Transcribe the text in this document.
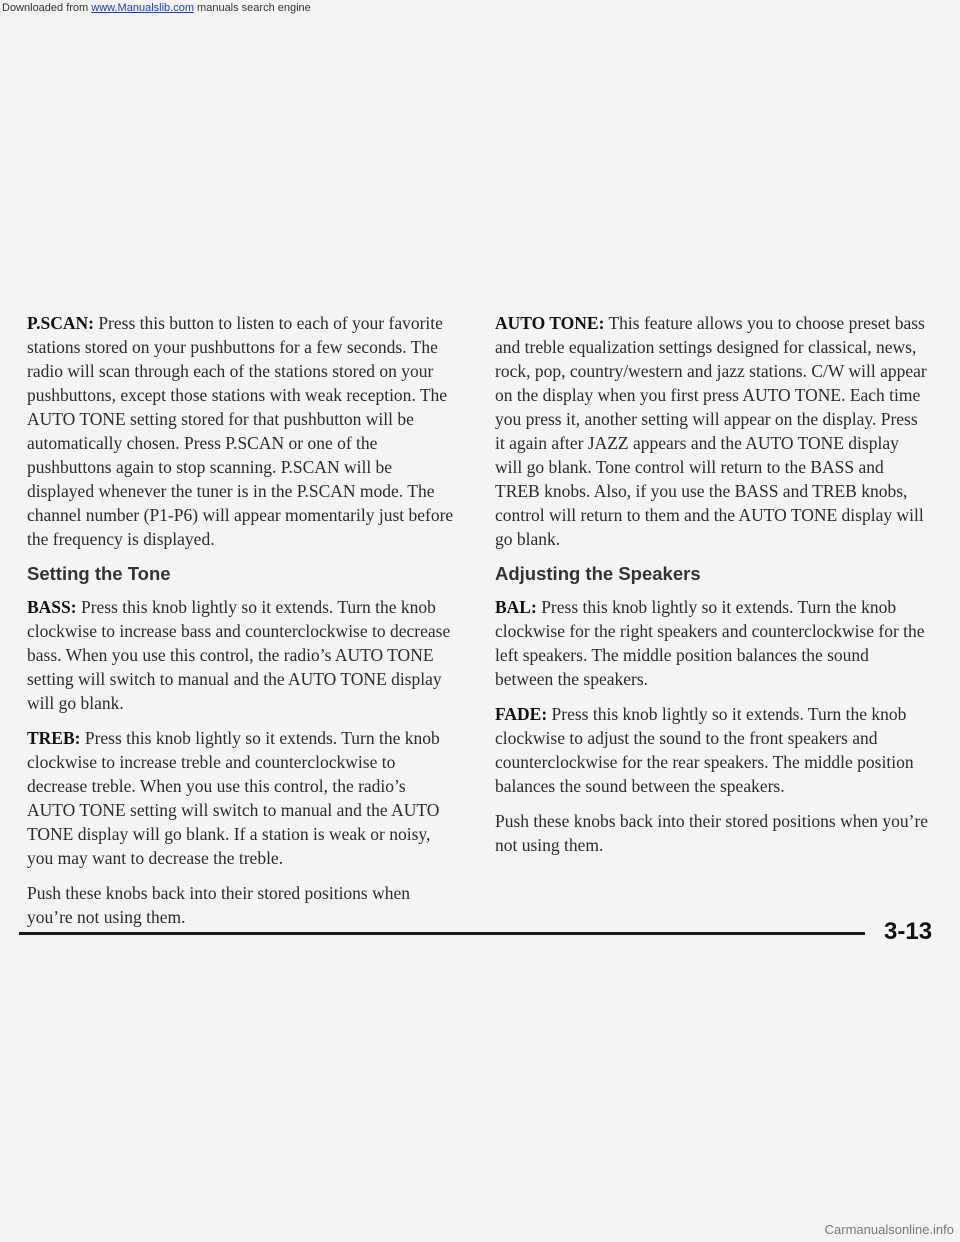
Downloaded from www.Manualslib.com manuals search engine

P.SCAN: Press this button to listen to each of your favorite stations stored on your pushbuttons for a few seconds. The radio will scan through each of the stations stored on your pushbuttons, except those stations with weak reception. The AUTO TONE setting stored for that pushbutton will be automatically chosen. Press P.SCAN or one of the pushbuttons again to stop scanning. P.SCAN will be displayed whenever the tuner is in the P.SCAN mode. The channel number (P1-P6) will appear momentarily just before the frequency is displayed.

Setting the Tone

BASS: Press this knob lightly so it extends. Turn the knob clockwise to increase bass and counterclockwise to decrease bass. When you use this control, the radio’s AUTO TONE setting will switch to manual and the AUTO TONE display will go blank.

TREB: Press this knob lightly so it extends. Turn the knob clockwise to increase treble and counterclockwise to decrease treble. When you use this control, the radio’s AUTO TONE setting will switch to manual and the AUTO TONE display will go blank. If a station is weak or noisy, you may want to decrease the treble.

Push these knobs back into their stored positions when you’re not using them.

AUTO TONE: This feature allows you to choose preset bass and treble equalization settings designed for classical, news, rock, pop, country/western and jazz stations. C/W will appear on the display when you first press AUTO TONE. Each time you press it, another setting will appear on the display. Press it again after JAZZ appears and the AUTO TONE display will go blank. Tone control will return to the BASS and TREB knobs. Also, if you use the BASS and TREB knobs, control will return to them and the AUTO TONE display will go blank.

Adjusting the Speakers

BAL: Press this knob lightly so it extends. Turn the knob clockwise for the right speakers and counterclockwise for the left speakers. The middle position balances the sound between the speakers.

FADE: Press this knob lightly so it extends. Turn the knob clockwise to adjust the sound to the front speakers and counterclockwise for the rear speakers. The middle position balances the sound between the speakers.

Push these knobs back into their stored positions when you’re not using them.

3-13
Carmanualsonline.info
